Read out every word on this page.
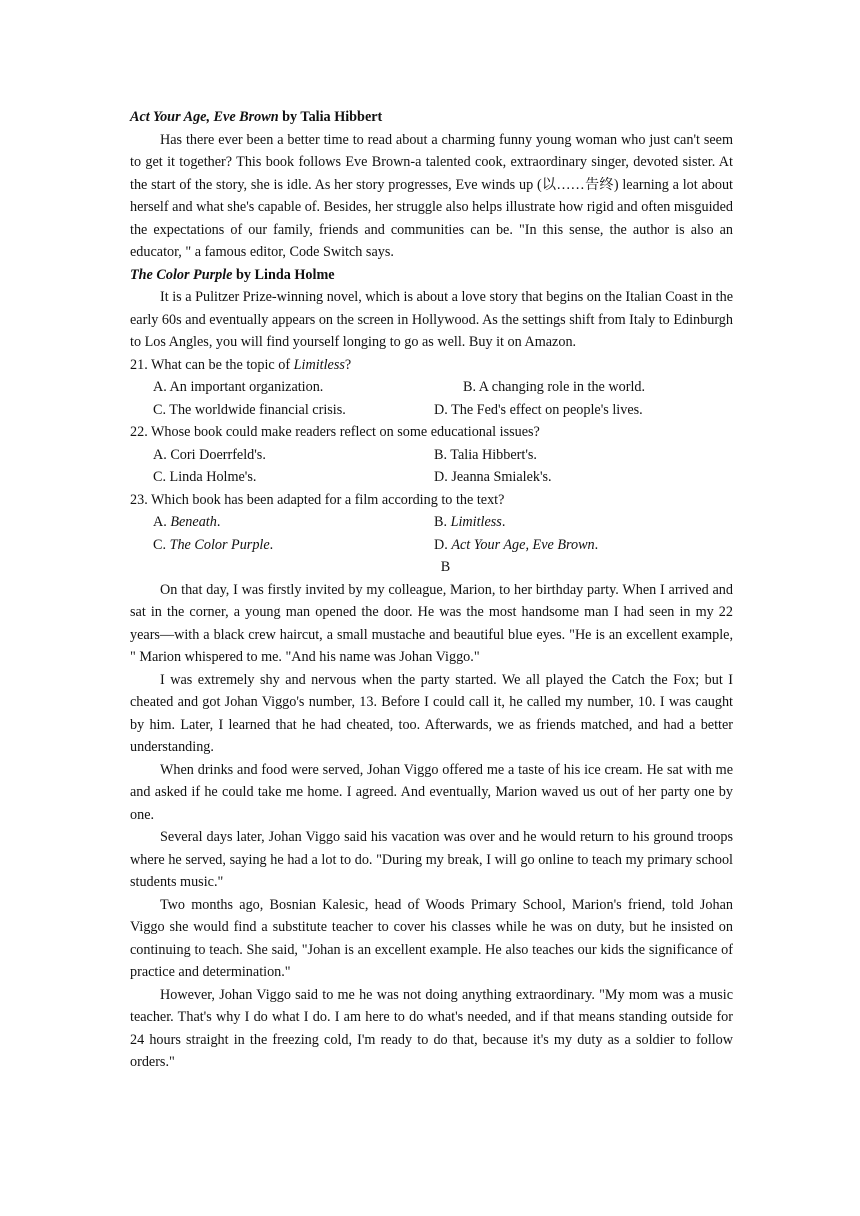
Act Your Age, Eve Brown by Talia Hibbert

Has there ever been a better time to read about a charming funny young woman who just can't seem to get it together? This book follows Eve Brown-a talented cook, extraordinary singer, devoted sister. At the start of the story, she is idle. As her story progresses, Eve winds up (以……告终) learning a lot about herself and what she's capable of. Besides, her struggle also helps illustrate how rigid and often misguided the expectations of our family, friends and communities can be. "In this sense, the author is also an educator, " a famous editor, Code Switch says.

The Color Purple by Linda Holme

It is a Pulitzer Prize-winning novel, which is about a love story that begins on the Italian Coast in the early 60s and eventually appears on the screen in Hollywood. As the settings shift from Italy to Edinburgh to Los Angles, you will find yourself longing to go as well. Buy it on Amazon.

21. What can be the topic of Limitless?

A. An important organization.	B. A changing role in the world.
C. The worldwide financial crisis.	D. The Fed's effect on people's lives.

22. Whose book could make readers reflect on some educational issues?

A. Cori Doerrfeld's.	B. Talia Hibbert's.
C. Linda Holme's.	D. Jeanna Smialek's.

23. Which book has been adapted for a film according to the text?

A. Beneath.	B. Limitless.
C. The Color Purple.	D. Act Your Age, Eve Brown.

B

On that day, I was firstly invited by my colleague, Marion, to her birthday party. When I arrived and sat in the corner, a young man opened the door. He was the most handsome man I had seen in my 22 years—with a black crew haircut, a small mustache and beautiful blue eyes. "He is an excellent example, " Marion whispered to me. "And his name was Johan Viggo."

I was extremely shy and nervous when the party started. We all played the Catch the Fox; but I cheated and got Johan Viggo's number, 13. Before I could call it, he called my number, 10. I was caught by him. Later, I learned that he had cheated, too. Afterwards, we as friends matched, and had a better understanding.

When drinks and food were served, Johan Viggo offered me a taste of his ice cream. He sat with me and asked if he could take me home. I agreed. And eventually, Marion waved us out of her party one by one.

Several days later, Johan Viggo said his vacation was over and he would return to his ground troops where he served, saying he had a lot to do. "During my break, I will go online to teach my primary school students music."

Two months ago, Bosnian Kalesic, head of Woods Primary School, Marion's friend, told Johan Viggo she would find a substitute teacher to cover his classes while he was on duty, but he insisted on continuing to teach. She said, "Johan is an excellent example. He also teaches our kids the significance of practice and determination."

However, Johan Viggo said to me he was not doing anything extraordinary. "My mom was a music teacher. That's why I do what I do. I am here to do what's needed, and if that means standing outside for 24 hours straight in the freezing cold, I'm ready to do that, because it's my duty as a soldier to follow orders."
